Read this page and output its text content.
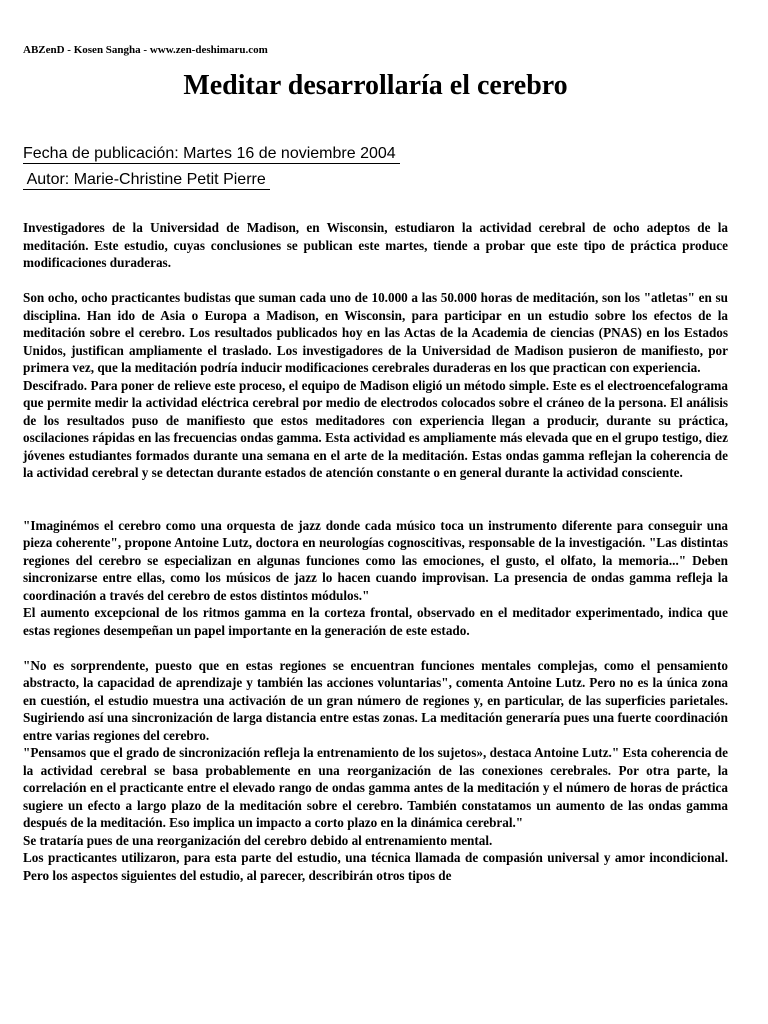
ABZenD - Kosen Sangha - www.zen-deshimaru.com
Meditar desarrollaría el cerebro
Fecha de publicación: Martes 16 de noviembre 2004
Autor: Marie-Christine Petit Pierre

Investigadores de la Universidad de Madison, en Wisconsin, estudiaron la actividad cerebral de ocho adeptos de la meditación. Este estudio, cuyas conclusiones se publican este martes, tiende a probar que este tipo de práctica produce modificaciones duraderas.

Son ocho, ocho practicantes budistas que suman cada uno de 10.000 a las 50.000 horas de meditación, son los "atletas" en su disciplina. Han ido de Asia o Europa a Madison, en Wisconsin, para participar en un estudio sobre los efectos de la meditación sobre el cerebro. Los resultados publicados hoy en las Actas de la Academia de ciencias (PNAS) en los Estados Unidos, justifican ampliamente el traslado. Los investigadores de la Universidad de Madison pusieron de manifiesto, por primera vez, que la meditación podría inducir modificaciones cerebrales duraderas en los que practican con experiencia.

Descifrado. Para poner de relieve este proceso, el equipo de Madison eligió un método simple. Este es el electroencefalograma que permite medir la actividad eléctrica cerebral por medio de electrodos colocados sobre el cráneo de la persona. El análisis de los resultados puso de manifiesto que estos meditadores con experiencia llegan a producir, durante su práctica, oscilaciones rápidas en las frecuencias ondas gamma. Esta actividad es ampliamente más elevada que en el grupo testigo, diez jóvenes estudiantes formados durante una semana en el arte de la meditación. Estas ondas gamma reflejan la coherencia de la actividad cerebral y se detectan durante estados de atención constante o en general durante la actividad consciente.

"Imaginémos el cerebro como una orquesta de jazz donde cada músico toca un instrumento diferente para conseguir una pieza coherente", propone Antoine Lutz, doctora en neurologías cognoscitivas, responsable de la investigación. "Las distintas regiones del cerebro se especializan en algunas funciones como las emociones, el gusto, el olfato, la memoria..." Deben sincronizarse entre ellas, como los músicos de jazz lo hacen cuando improvisan. La presencia de ondas gamma refleja la coordinación a través del cerebro de estos distintos módulos."

El aumento excepcional de los ritmos gamma en la corteza frontal, observado en el meditador experimentado, indica que estas regiones desempeñan un papel importante en la generación de este estado.

"No es sorprendente, puesto que en estas regiones se encuentran funciones mentales complejas, como el pensamiento abstracto, la capacidad de aprendizaje y también las acciones voluntarias", comenta Antoine Lutz. Pero no es la única zona en cuestión, el estudio muestra una activación de un gran número de regiones y, en particular, de las superficies parietales. Sugiriendo así una sincronización de larga distancia entre estas zonas. La meditación generaría pues una fuerte coordinación entre varias regiones del cerebro.

"Pensamos que el grado de sincronización refleja la entrenamiento de los sujetos», destaca Antoine Lutz." Esta coherencia de la actividad cerebral se basa probablemente en una reorganización de las conexiones cerebrales. Por otra parte, la correlación en el practicante entre el elevado rango de ondas gamma antes de la meditación y el número de horas de práctica sugiere un efecto a largo plazo de la meditación sobre el cerebro. También constatamos un aumento de las ondas gamma después de la meditación. Eso implica un impacto a corto plazo en la dinámica cerebral."

Se trataría pues de una reorganización del cerebro debido al entrenamiento mental.

Los practicantes utilizaron, para esta parte del estudio, una técnica llamada de compasión universal y amor incondicional. Pero los aspectos siguientes del estudio, al parecer, describirán otros tipos de
